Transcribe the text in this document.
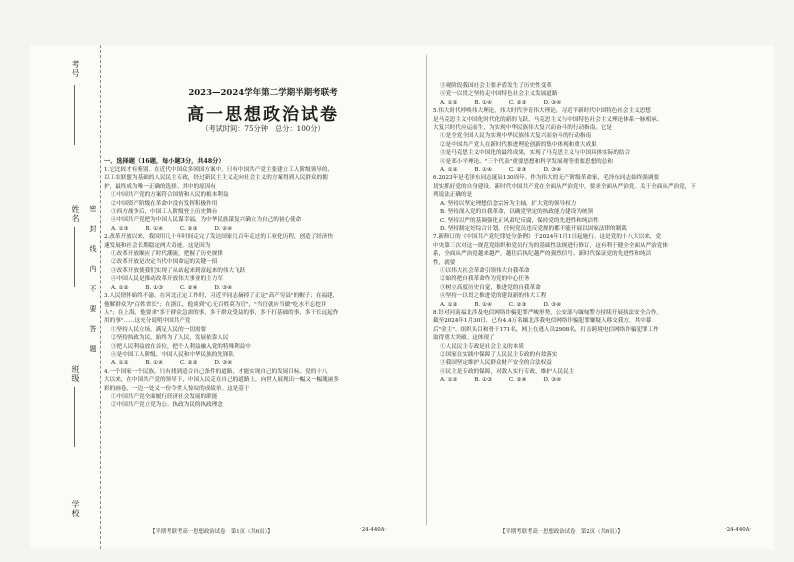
考号
姓名
班级
学校
密　封　线　内　不　要　答　题
2023—2024学年第二学期半期考联考
高一思想政治试卷
（考试时间：75分钟　总分：100分）
一、选择题（16题，每小题3分，共48分）
1.它比较才有鉴别。在近代中国众多困国方案中，只有中国共产党主张建立工人阶级领导的、
以工农联盟为基础的人民民主专政，经过新民主主义走向社会主义的方案得到人民群众的拥
护，最终成为唯一正确的选择。其中的原因有
①中国共产党的方案符合国情和人民的根本利益
②中国资产阶级在革命中没有发挥积极作用
③西方战争后，中国工人阶级登上历史舞台
④中国共产党把为中国人民谋幸福，为中华民族谋复兴确立为自己的初心使命
A. ①③　　　B. ①④　　　C. ②③　　　D. ②④
2.改革开放以来，我国用几十年时间走完了发达国家几百年走过的工业化历程，创造了经济快
速发展和社会长期稳定两大奇迹。这是因为
①改革开放顺应了时代潮流，把握了历史规律
②改革开放是决定当代中国命运的关键一招
③改革开放使我们实现了从站起来到富起来的伟大飞跃
④中国人民是推动改革开放伟大事业的主力军
A. ①②　　　B. ①③　　　C. ②④　　　D. ③④
3.人民情怀始终不渝。在河北正定工作时，习近平同志摘掉了正定"高产穷县"的帽子；在福建，
他解群众为"百姓省长"；在浙江，他谈到"心无百姓莫为官"，"当官就应当做"吃水不忘挖井
人"；在上海，他要求"多干群众急需的事，多干群众受益的事，多干打基础的事，多干长远起作
用的事"……这充分说明中国共产党
①坚持人民立场，满足人民的一切需要
②坚持执政为民，始终为了人民，发展依靠人民
③把人民利益放在首位，把个人利益融入党的特殊利益中
④是中国工人阶级、中国人民和中华民族的先锋队
A. ①②　　　B. ①④　　　C. ②③　　　D. ③④
4.一个国家一个民族，只有找到适合自己条件的道路，才能实现自己的发展目标。党的十八
大以来，在中国共产党的领导下，中国人民走在自己的道路上，向世人展现出一幅又一幅瑰丽多
彩的画卷，一边一处又一份令世人惊叹的成绩单。这是基于
①中国共产党全面履行经济社会发展的职能
②中国共产党立党为公、执政为民的执政理念
③观阶段我国社会主要矛盾发生了历史性变革
④党一以贯之坚持走中国特色社会主义发展道路
A. ①②　　　B. ①④　　　C. ②③　　　D. ③④
5.伟大时代呼唤伟大理论，伟大时代孕育伟大理论。习近平新时代中国特色社会主义思想
是马克思主义中国化时代化的新的飞跃，马克思主义与中国特色社会主义理论体系一脉相承。
大复兴时代应运而生，为实现中华民族伟大复兴而奋斗的行动指南。它是
①是全党全国人民为实现中华民族伟大复兴而奋斗的行动指南
②是中国共产党人在新时代推进理论创新的集中体现和重大成果
③是马克思主义中国化的最终成果，实现了马克思主义与中国具体实际的结合
④是邓小平理论、"三个代表"重要思想和科学发展观等重要思想的总和
A. ①②　　　B. ①④　　　C. ②③　　　D. ③④
6.2023年是毛泽东同志诞辰130周年。作为伟大的无产阶级革命家，毛泽东同志始终强调要
切实抓好党的自身建设。新时代中国共产党在全面从严治党中，要求全面从严治党。关于全面从严治党，下
列说法正确的是
A. 坚持以坚定理想信念宗旨为主轴，扩大党的领导权力
B. 坚持深入党的自我革命，以确党坚定的执政能力建设为统领
C. 坚持以严的基调强化正风肃纪反腐，保持党的先进性和纯洁性
D. 坚持制定好综合计划，任何党员违反党规的都不能开展以国家法律的制裁
7.新修订的《中国共产党纪律处分条例》于2024年1月1日起施行。这是党的十八大以来，党
中央第三次对这一规范党组织和党员行为的基础性法规进行修订，这有利于健全全面从严治党体
系，全面从严治党越来越严，越往后执纪越严的强烈信号。新时代保证党的先进性和纯洁
性，就要
①以伟大社会革命引领伟大自我革命
②始终把自我革命作为党的中心任务
③树立高度历史自觉，推进党的自我革命
④坚持一以贯之推进党的建设新的伟大工程
A. ①②　　　B. ①④　　　C. ②③　　　D. ③④
8.针对河南福北涉及电信网络诈骗犯罪严峻形势，公安部与缅甸警方持续开展执法安全合作。
截至2024年1月30日，已有4.4万名缅北涉我电信网络诈骗犯罪嫌疑人移交我方，其中幕
后"金主"、组织头目和骨干171名，网上在逃人员2908名，打击跨境电信网络诈骗犯罪工作
取得重大突破。这体现了
①人民民主专政是社会主义的本质
②国家在实践中保障了人民民主专政的有效落实
③我国坚定维护人民群众财产安全的合法权益
④民主是专政的保障，对敌人实行专政，维护人民民主
A. ①②　　　B. ①③　　　C. ②④　　　D. ③④
【半期考联考高一思想政治试卷　第1页（共6页）】	·24-440A·	【半期考联考高一思想政治试卷　第2页（共6页）】	·24-440A·
